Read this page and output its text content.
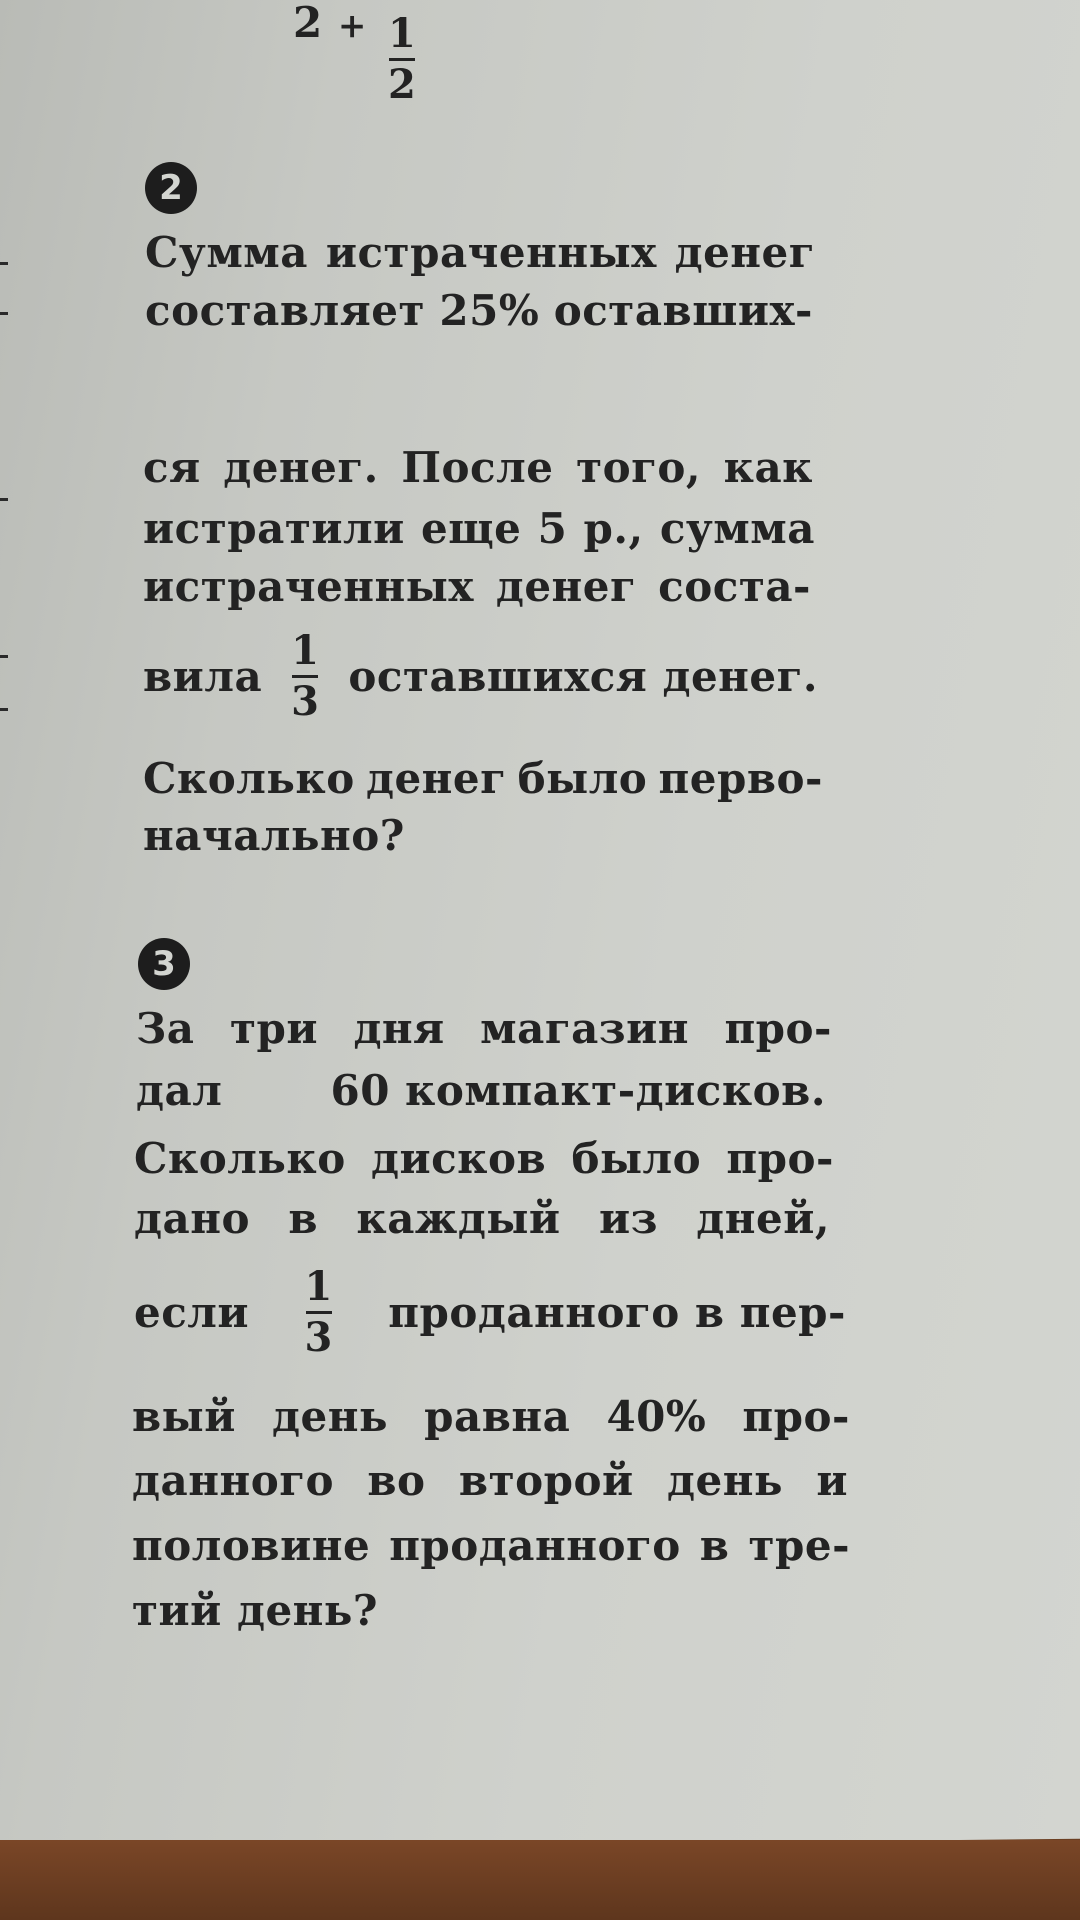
2 +
$\frac{1}{2}$
2
Сумма истраченных денег
составляет 25% оставших-
ся денег. После того, как
истратили еще 5 р., сумма
истраченных денег соста-
вила $\frac{1}{3}$ оставшихся денег.
Сколько денег было перво-
начально?
3
За три дня магазин про-
дал	60 компакт-дисков.
Сколько дисков было про-
дано в каждый из дней,
если $\frac{1}{3}$ проданного в пер-
вый день равна 40% про-
данного во второй день и
половине проданного в тре-
тий день?
